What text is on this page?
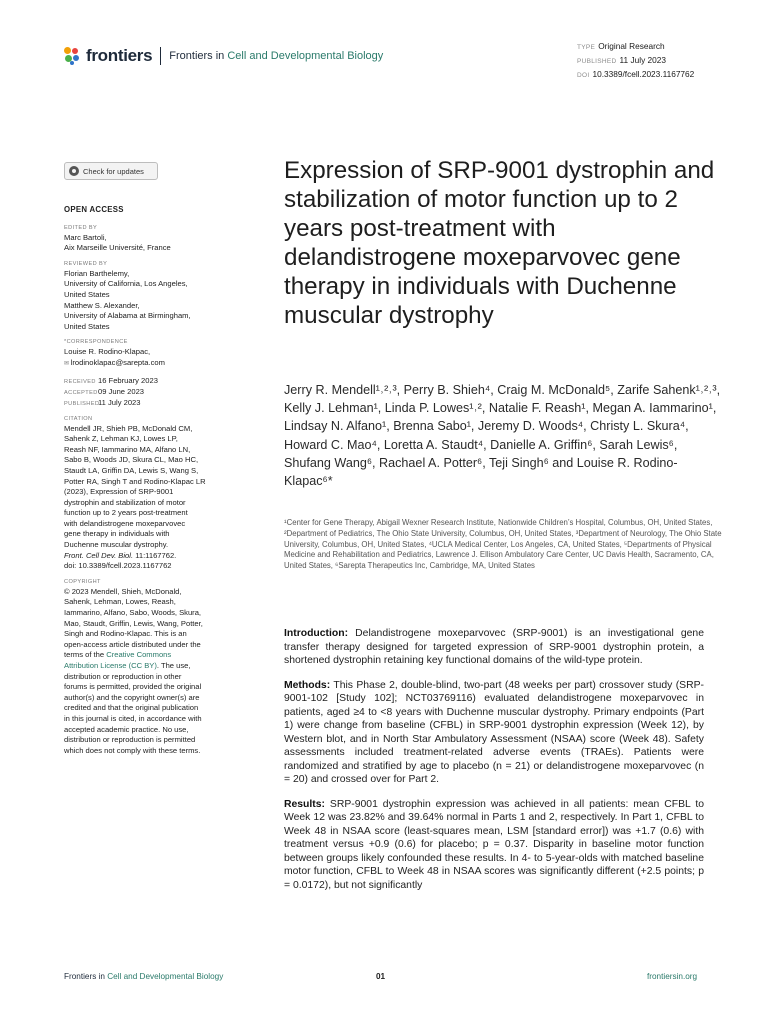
frontiers Frontiers in Cell and Developmental Biology
TYPE Original Research
PUBLISHED 11 July 2023
DOI 10.3389/fcell.2023.1167762
Check for updates
OPEN ACCESS
EDITED BY
Marc Bartoli,
Aix Marseille Université, France
REVIEWED BY
Florian Barthelemy,
University of California, Los Angeles,
United States
Matthew S. Alexander,
University of Alabama at Birmingham,
United States
*CORRESPONDENCE
Louise R. Rodino-Klapac,
✉ lrodinoklapac@sarepta.com
RECEIVED 16 February 2023
ACCEPTED09 June 2023
PUBLISHED11 July 2023
CITATION
Mendell JR, Shieh PB, McDonald CM,
Sahenk Z, Lehman KJ, Lowes LP,
Reash NF, Iammarino MA, Alfano LN,
Sabo B, Woods JD, Skura CL, Mao HC,
Staudt LA, Griffin DA, Lewis S, Wang S,
Potter RA, Singh T and Rodino-Klapac LR
(2023), Expression of SRP-9001
dystrophin and stabilization of motor
function up to 2 years post-treatment
with delandistrogene moxeparvovec
gene therapy in individuals with
Duchenne muscular dystrophy.
Front. Cell Dev. Biol. 11:1167762.
doi: 10.3389/fcell.2023.1167762
COPYRIGHT
© 2023 Mendell, Shieh, McDonald,
Sahenk, Lehman, Lowes, Reash,
Iammarino, Alfano, Sabo, Woods, Skura,
Mao, Staudt, Griffin, Lewis, Wang, Potter,
Singh and Rodino-Klapac. This is an
open-access article distributed under the
terms of the Creative Commons
Attribution License (CC BY). The use,
distribution or reproduction in other
forums is permitted, provided the original
author(s) and the copyright owner(s) are
credited and that the original publication
in this journal is cited, in accordance with
accepted academic practice. No use,
distribution or reproduction is permitted
which does not comply with these terms.
Expression of SRP-9001 dystrophin and stabilization of motor function up to 2 years post-treatment with delandistrogene moxeparvovec gene therapy in individuals with Duchenne muscular dystrophy
Jerry R. Mendell¹˒²˒³, Perry B. Shieh⁴, Craig M. McDonald⁵, Zarife Sahenk¹˒²˒³, Kelly J. Lehman¹, Linda P. Lowes¹˒², Natalie F. Reash¹, Megan A. Iammarino¹, Lindsay N. Alfano¹, Brenna Sabo¹, Jeremy D. Woods⁴, Christy L. Skura⁴, Howard C. Mao⁴, Loretta A. Staudt⁴, Danielle A. Griffin⁶, Sarah Lewis⁶, Shufang Wang⁶, Rachael A. Potter⁶, Teji Singh⁶ and Louise R. Rodino-Klapac⁶*
¹Center for Gene Therapy, Abigail Wexner Research Institute, Nationwide Children’s Hospital, Columbus, OH, United States, ²Department of Pediatrics, The Ohio State University, Columbus, OH, United States, ³Department of Neurology, The Ohio State University, Columbus, OH, United States, ⁴UCLA Medical Center, Los Angeles, CA, United States, ⁵Departments of Physical Medicine and Rehabilitation and Pediatrics, Lawrence J. Ellison Ambulatory Care Center, UC Davis Health, Sacramento, CA, United States, ⁶Sarepta Therapeutics Inc, Cambridge, MA, United States

Introduction: Delandistrogene moxeparvovec (SRP-9001) is an investigational gene transfer therapy designed for targeted expression of SRP-9001 dystrophin protein, a shortened dystrophin retaining key functional domains of the wild-type protein.

Methods: This Phase 2, double-blind, two-part (48 weeks per part) crossover study (SRP-9001-102 [Study 102]; NCT03769116) evaluated delandistrogene moxeparvovec in patients, aged ≥4 to <8 years with Duchenne muscular dystrophy. Primary endpoints (Part 1) were change from baseline (CFBL) in SRP-9001 dystrophin expression (Week 12), by Western blot, and in North Star Ambulatory Assessment (NSAA) score (Week 48). Safety assessments included treatment-related adverse events (TRAEs). Patients were randomized and stratified by age to placebo (n = 21) or delandistrogene moxeparvovec (n = 20) and crossed over for Part 2.

Results: SRP-9001 dystrophin expression was achieved in all patients: mean CFBL to Week 12 was 23.82% and 39.64% normal in Parts 1 and 2, respectively. In Part 1, CFBL to Week 48 in NSAA score (least-squares mean, LSM [standard error]) was +1.7 (0.6) with treatment versus +0.9 (0.6) for placebo; p = 0.37. Disparity in baseline motor function between groups likely confounded these results. In 4- to 5-year-olds with matched baseline motor function, CFBL to Week 48 in NSAA scores was significantly different (+2.5 points; p = 0.0172), but not significantly

Frontiers in Cell and Developmental Biology	01	frontiersin.org
